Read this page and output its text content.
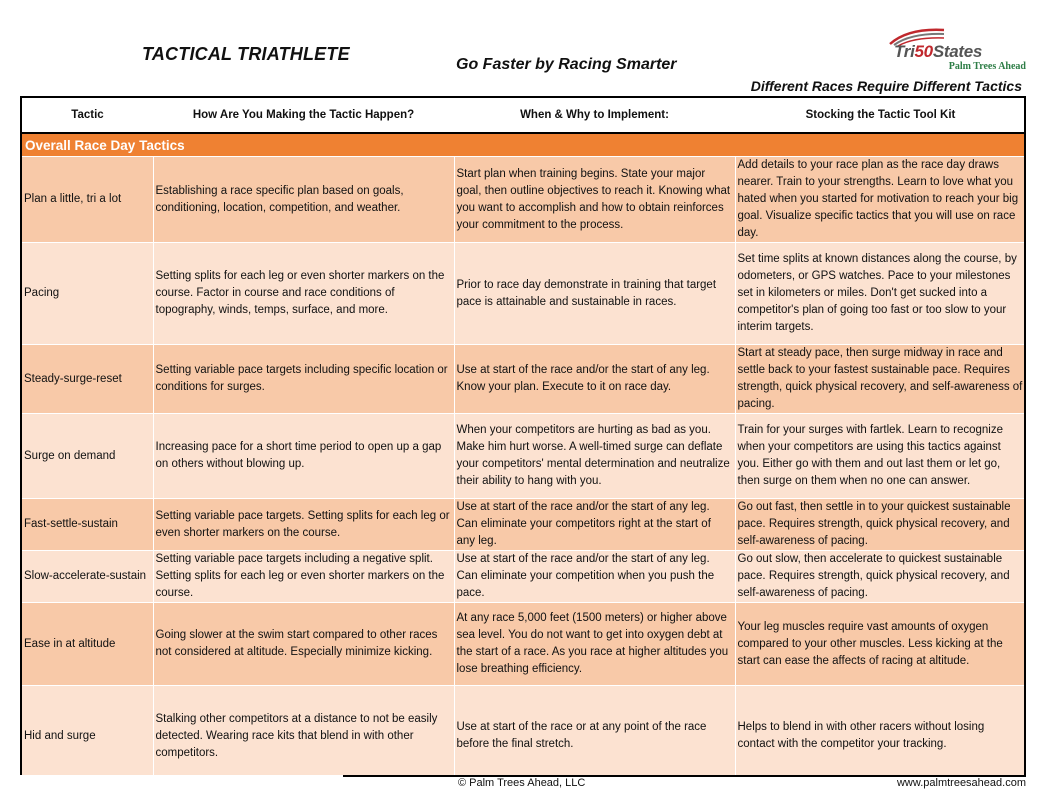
TACTICAL TRIATHLETE
Go Faster by Racing Smarter
Tri50States
Palm Trees Ahead

Different Races Require Different Tactics

Tactic	How Are You Making the Tactic Happen?	When & Why to Implement:	Stocking the Tactic Tool Kit
Overall Race Day Tactics			
Plan a little, tri a lot	Establishing a race specific plan based on goals, conditioning, location, competition, and weather.	Start plan when training begins. State your major goal, then outline objectives to reach it. Knowing what you want to accomplish and how to obtain reinforces your commitment to the process.	Add details to your race plan as the race day draws nearer. Train to your strengths. Learn to love what you hated when you started for motivation to reach your big goal. Visualize specific tactics that you will use on race day.
Pacing	Setting splits for each leg or even shorter markers on the course. Factor in course and race conditions of topography, winds, temps, surface, and more.	Prior to race day demonstrate in training that target pace is attainable and sustainable in races.	Set time splits at known distances along the course, by odometers, or GPS watches. Pace to your milestones set in kilometers or miles. Don't get sucked into a competitor's plan of going too fast or too slow to your interim targets.
Steady-surge-reset	Setting variable pace targets including specific location or conditions for surges.	Use at start of the race and/or the start of any leg. Know your plan. Execute to it on race day.	Start at steady pace, then surge midway in race and settle back to your fastest sustainable pace. Requires strength, quick physical recovery, and self-awareness of pacing.
Surge on demand	Increasing pace for a short time period to open up a gap on others without blowing up.	When your competitors are hurting as bad as you. Make him hurt worse. A well-timed surge can deflate your competitors' mental determination and neutralize their ability to hang with you.	Train for your surges with fartlek. Learn to recognize when your competitors are using this tactics against you. Either go with them and out last them or let go, then surge on them when no one can answer.
Fast-settle-sustain	Setting variable pace targets. Setting splits for each leg or even shorter markers on the course.	Use at start of the race and/or the start of any leg. Can eliminate your competitors right at the start of any leg.	Go out fast, then settle in to your quickest sustainable pace. Requires strength, quick physical recovery, and self-awareness of pacing.
Slow-accelerate-sustain	Setting variable pace targets including a negative split. Setting splits for each leg or even shorter markers on the course.	Use at start of the race and/or the start of any leg. Can eliminate your competition when you push the pace.	Go out slow, then accelerate to quickest sustainable pace. Requires strength, quick physical recovery, and self-awareness of pacing.
Ease in at altitude	Going slower at the swim start compared to other races not considered at altitude. Especially minimize kicking.	At any race 5,000 feet (1500 meters) or higher above sea level. You do not want to get into oxygen debt at the start of a race. As you race at higher altitudes you lose breathing efficiency.	Your leg muscles require vast amounts of oxygen compared to your other muscles. Less kicking at the start can ease the affects of racing at altitude.
Hid and surge	Stalking other competitors at a distance to not be easily detected. Wearing race kits that blend in with other competitors.	Use at start of the race or at any point of the race before the final stretch.	Helps to blend in with other racers without losing contact with the competitor your tracking.

© Palm Trees Ahead, LLC	www.palmtreesahead.com
